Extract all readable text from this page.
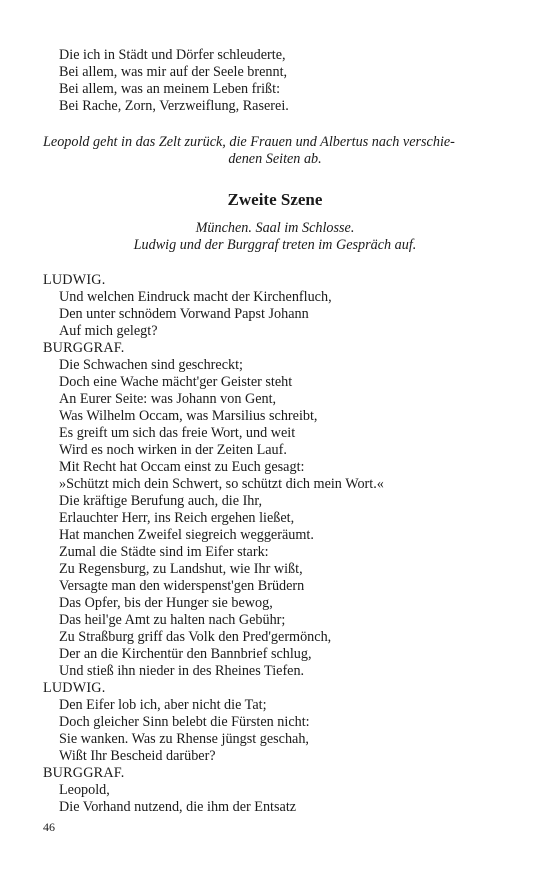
Die ich in Städt und Dörfer schleuderte,
Bei allem, was mir auf der Seele brennt,
Bei allem, was an meinem Leben frißt:
Bei Rache, Zorn, Verzweiflung, Raserei.
Leopold geht in das Zelt zurück, die Frauen und Albertus nach verschie-
denen Seiten ab.
Zweite Szene
München. Saal im Schlosse.
Ludwig und der Burggraf treten im Gespräch auf.
LUDWIG.
Und welchen Eindruck macht der Kirchenfluch,
Den unter schnödem Vorwand Papst Johann
Auf mich gelegt?
BURGGRAF.
Die Schwachen sind geschreckt;
Doch eine Wache mächt'ger Geister steht
An Eurer Seite: was Johann von Gent,
Was Wilhelm Occam, was Marsilius schreibt,
Es greift um sich das freie Wort, und weit
Wird es noch wirken in der Zeiten Lauf.
Mit Recht hat Occam einst zu Euch gesagt:
»Schützt mich dein Schwert, so schützt dich mein Wort.«
Die kräftige Berufung auch, die Ihr,
Erlauchter Herr, ins Reich ergehen ließet,
Hat manchen Zweifel siegreich weggeräumt.
Zumal die Städte sind im Eifer stark:
Zu Regensburg, zu Landshut, wie Ihr wißt,
Versagte man den widerspenst'gen Brüdern
Das Opfer, bis der Hunger sie bewog,
Das heil'ge Amt zu halten nach Gebühr;
Zu Straßburg griff das Volk den Pred'germönch,
Der an die Kirchentür den Bannbrief schlug,
Und stieß ihn nieder in des Rheines Tiefen.
LUDWIG.
Den Eifer lob ich, aber nicht die Tat;
Doch gleicher Sinn belebt die Fürsten nicht:
Sie wanken. Was zu Rhense jüngst geschah,
Wißt Ihr Bescheid darüber?
BURGGRAF.
Leopold,
Die Vorhand nutzend, die ihm der Entsatz
46
